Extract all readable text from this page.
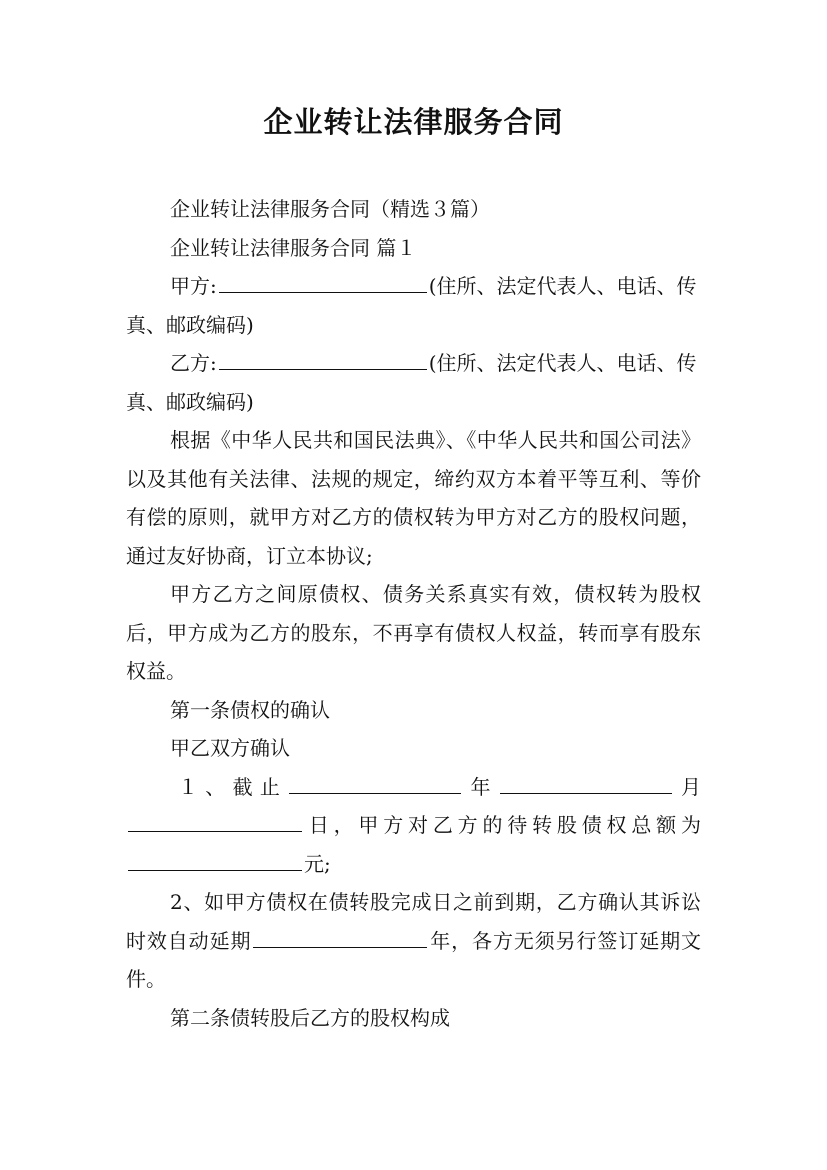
企业转让法律服务合同

企业转让法律服务合同（精选３篇）

企业转让法律服务合同 篇１

甲方:	(住所、法定代表人、电话、传真、邮政编码)

乙方:	(住所、法定代表人、电话、传真、邮政编码)

根据《中华人民共和国民法典》、《中华人民共和国公司法》以及其他有关法律、法规的规定，缔约双方本着平等互利、等价有偿的原则，就甲方对乙方的债权转为甲方对乙方的股权问题，通过友好协商，订立本协议;

甲方乙方之间原债权、债务关系真实有效，债权转为股权后，甲方成为乙方的股东，不再享有债权人权益，转而享有股东权益。

第一条债权的确认

甲乙双方确认

１、截止	年	月

日，甲方对乙方的待转股债权总额为

元;

2、如甲方债权在债转股完成日之前到期，乙方确认其诉讼时效自动延期	年，各方无须另行签订延期文件。

第二条债转股后乙方的股权构成
